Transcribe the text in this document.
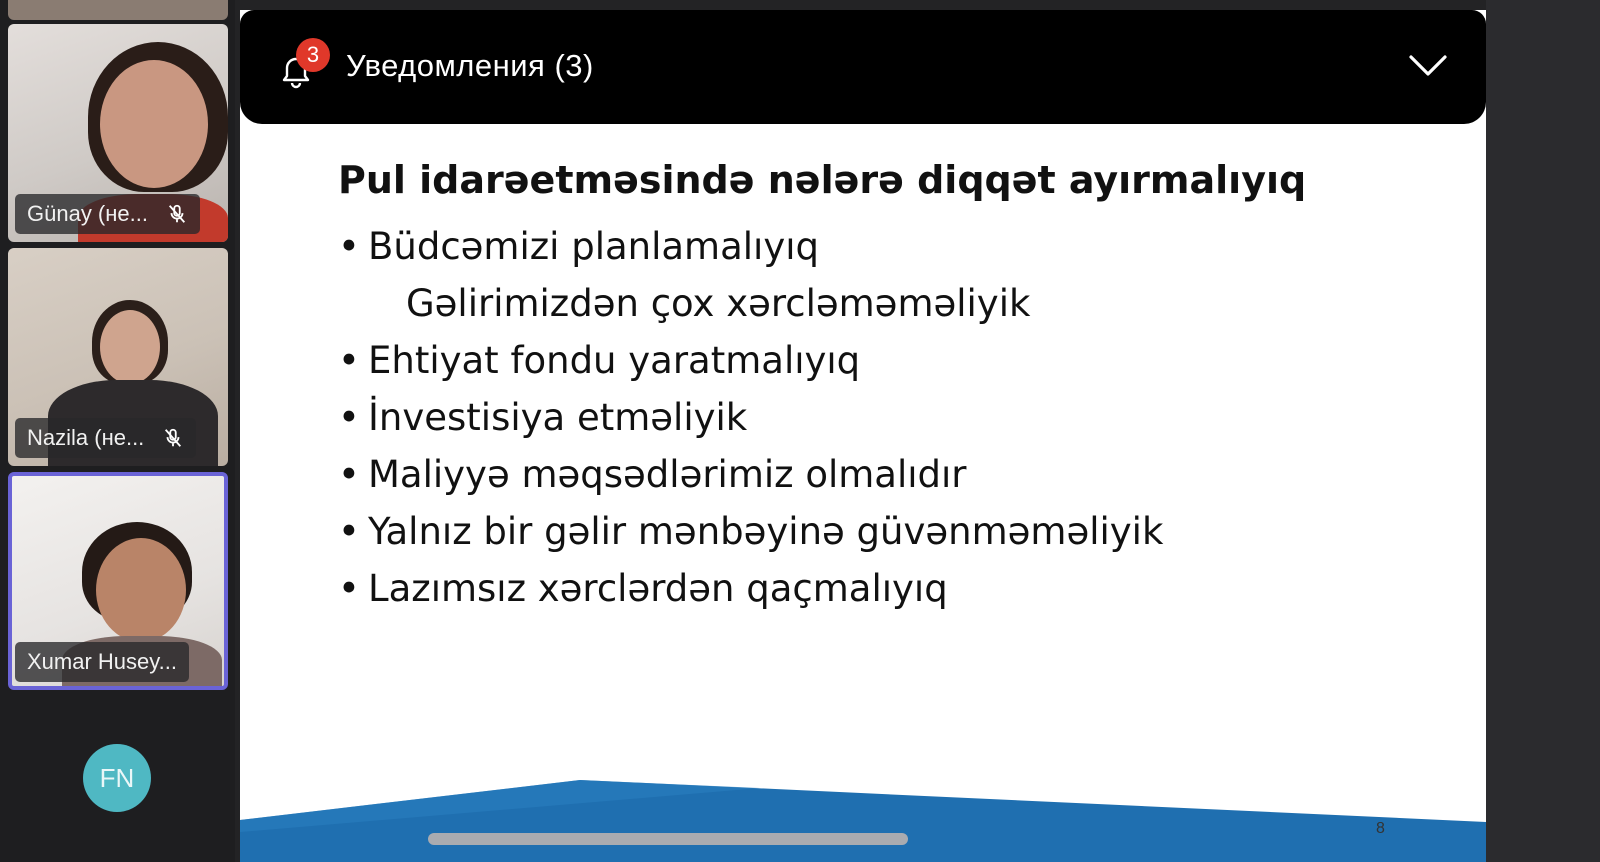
Günay (не...
Nazila (не...
Xumar Husey...
FN
3 Уведомления (3)
Pul idarəetməsində nələrə diqqət ayırmalıyıq
• Büdcəmizi planlamalıyıq
Gəlirimizdən çox xərcləməməliyik
• Ehtiyat fondu yaratmalıyıq
• İnvestisiya etməliyik
• Maliyyə məqsədlərimiz olmalıdır
• Yalnız bir gəlir mənbəyinə güvənməməliyik
• Lazımsız xərclərdən qaçmalıyıq
8
